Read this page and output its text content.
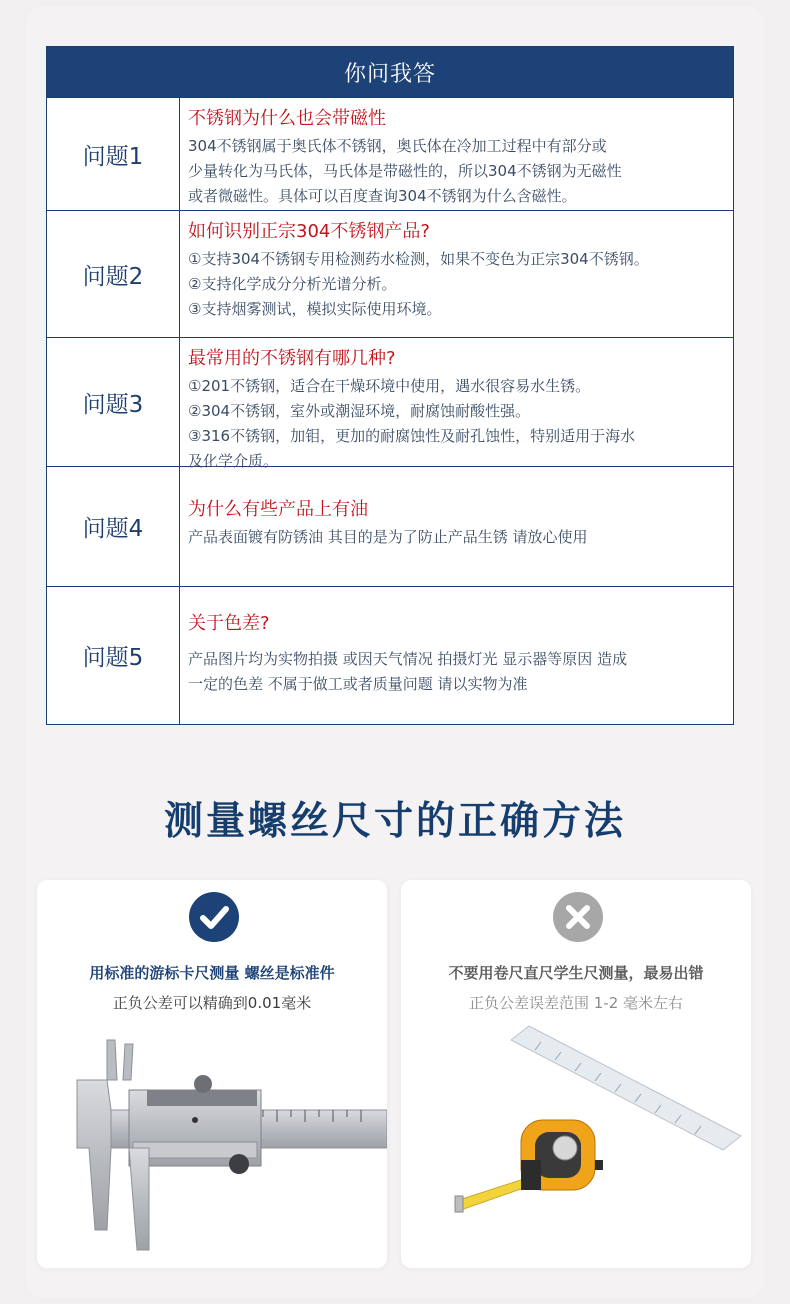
你问我答
问题1
不锈钢为什么也会带磁性
304不锈钢属于奥氏体不锈钢，奥氏体在冷加工过程中有部分或
少量转化为马氏体，马氏体是带磁性的，所以304不锈钢为无磁性
或者微磁性。具体可以百度查询304不锈钢为什么含磁性。
问题2
如何识别正宗304不锈钢产品?
①支持304不锈钢专用检测药水检测，如果不变色为正宗304不锈钢。
②支持化学成分分析光谱分析。
③支持烟雾测试，模拟实际使用环境。
问题3
最常用的不锈钢有哪几种?
①201不锈钢，适合在干燥环境中使用，遇水很容易水生锈。
②304不锈钢，室外或潮湿环境，耐腐蚀耐酸性强。
③316不锈钢，加钼，更加的耐腐蚀性及耐孔蚀性，特别适用于海水
及化学介质。
问题4
为什么有些产品上有油
产品表面镀有防锈油 其目的是为了防止产品生锈 请放心使用
问题5
关于色差?
产品图片均为实物拍摄 或因天气情况 拍摄灯光 显示器等原因 造成
一定的色差 不属于做工或者质量问题 请以实物为准
测量螺丝尺寸的正确方法
用标准的游标卡尺测量 螺丝是标准件
正负公差可以精确到0.01毫米
不要用卷尺直尺学生尺测量，最易出错
正负公差误差范围 1-2 毫米左右
